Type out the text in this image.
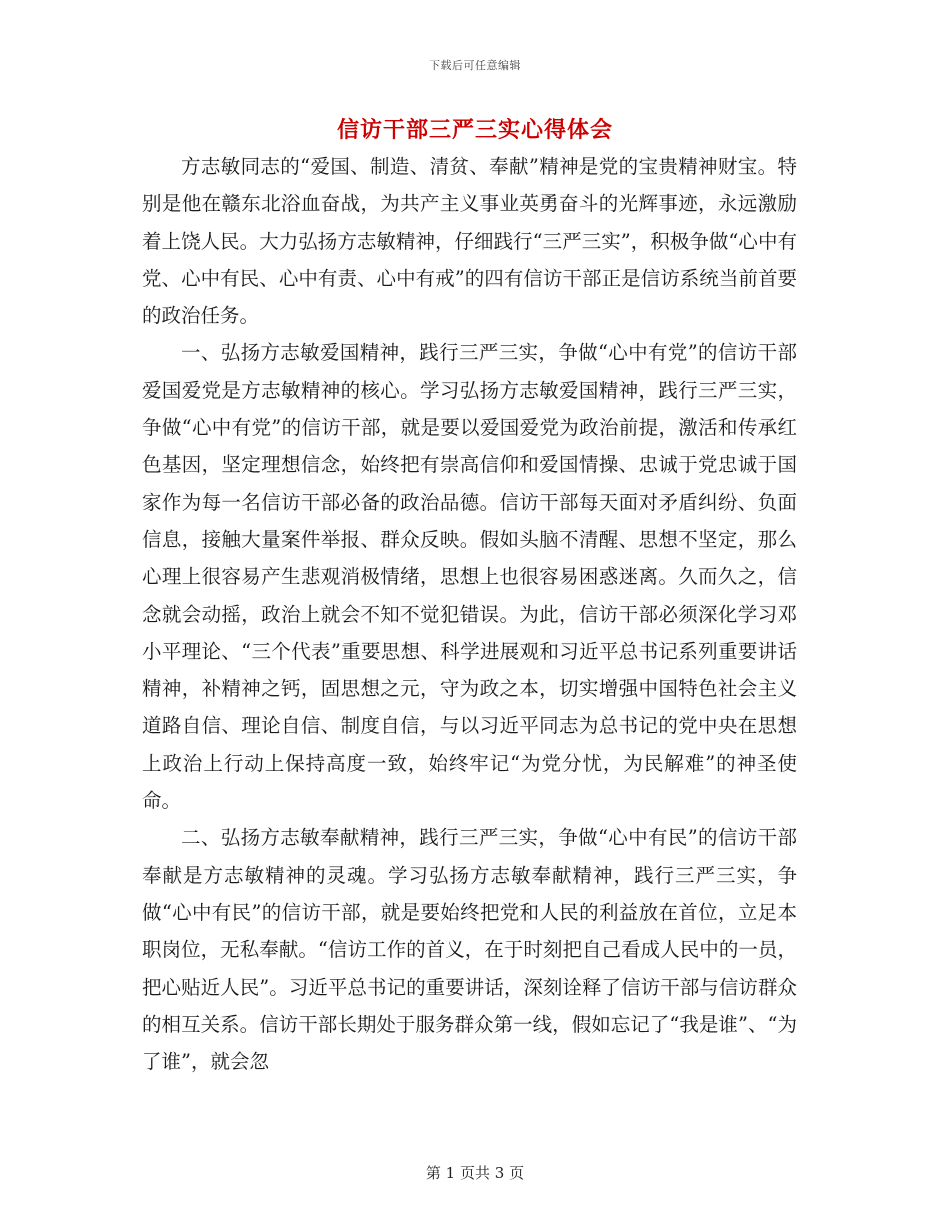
下载后可任意编辑
信访干部三严三实心得体会

方志敏同志的“爱国、制造、清贫、奉献”精神是党的宝贵精神财宝。特别是他在赣东北浴血奋战，为共产主义事业英勇奋斗的光辉事迹，永远激励着上饶人民。大力弘扬方志敏精神，仔细践行“三严三实”，积极争做“心中有党、心中有民、心中有责、心中有戒”的四有信访干部正是信访系统当前首要的政治任务。

一、弘扬方志敏爱国精神，践行三严三实，争做“心中有党”的信访干部爱国爱党是方志敏精神的核心。学习弘扬方志敏爱国精神，践行三严三实，争做“心中有党”的信访干部，就是要以爱国爱党为政治前提，激活和传承红色基因，坚定理想信念，始终把有崇高信仰和爱国情操、忠诚于党忠诚于国家作为每一名信访干部必备的政治品德。信访干部每天面对矛盾纠纷、负面信息，接触大量案件举报、群众反映。假如头脑不清醒、思想不坚定，那么心理上很容易产生悲观消极情绪，思想上也很容易困惑迷离。久而久之，信念就会动摇，政治上就会不知不觉犯错误。为此，信访干部必须深化学习邓小平理论、“三个代表”重要思想、科学进展观和习近平总书记系列重要讲话精神，补精神之钙，固思想之元，守为政之本，切实增强中国特色社会主义道路自信、理论自信、制度自信，与以习近平同志为总书记的党中央在思想上政治上行动上保持高度一致，始终牢记“为党分忧，为民解难”的神圣使命。

二、弘扬方志敏奉献精神，践行三严三实，争做“心中有民”的信访干部奉献是方志敏精神的灵魂。学习弘扬方志敏奉献精神，践行三严三实，争做“心中有民”的信访干部，就是要始终把党和人民的利益放在首位，立足本职岗位，无私奉献。“信访工作的首义，在于时刻把自己看成人民中的一员，把心贴近人民”。习近平总书记的重要讲话，深刻诠释了信访干部与信访群众的相互关系。信访干部长期处于服务群众第一线，假如忘记了“我是谁”、“为了谁”，就会忽

第 1 页共 3 页
